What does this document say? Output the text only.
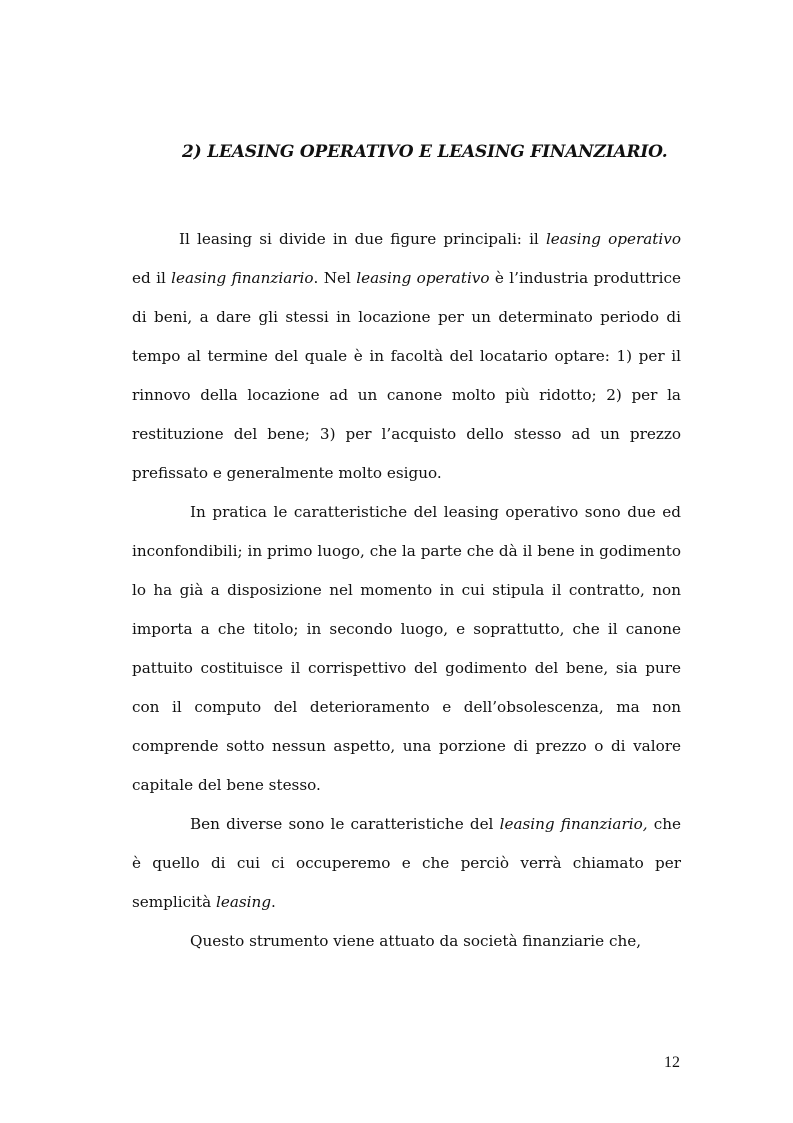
2) LEASING OPERATIVO E LEASING FINANZIARIO.

Il leasing si divide in due figure principali: il leasing operativo ed il leasing finanziario. Nel leasing operativo è l’industria produttrice di beni, a dare gli stessi in locazione per un determinato periodo di tempo al termine del quale è in facoltà del locatario optare: 1) per il rinnovo della locazione ad un canone molto più ridotto; 2) per la restituzione del bene; 3) per l’acquisto dello stesso ad un prezzo prefissato e generalmente molto esiguo.

In pratica le caratteristiche del leasing operativo sono due ed inconfondibili; in primo luogo, che la parte che dà il bene in godimento lo ha già a disposizione nel momento in cui stipula il contratto, non importa a che titolo; in secondo luogo, e soprattutto, che il canone pattuito costituisce il corrispettivo del godimento del bene, sia pure con il computo del deterioramento e dell’obsolescenza, ma non comprende sotto nessun aspetto, una porzione di prezzo o di valore capitale del bene stesso.

Ben diverse sono le caratteristiche del leasing finanziario, che è quello di cui ci occuperemo e che perciò verrà chiamato per semplicità leasing.

Questo strumento viene attuato da società finanziarie che,

12
